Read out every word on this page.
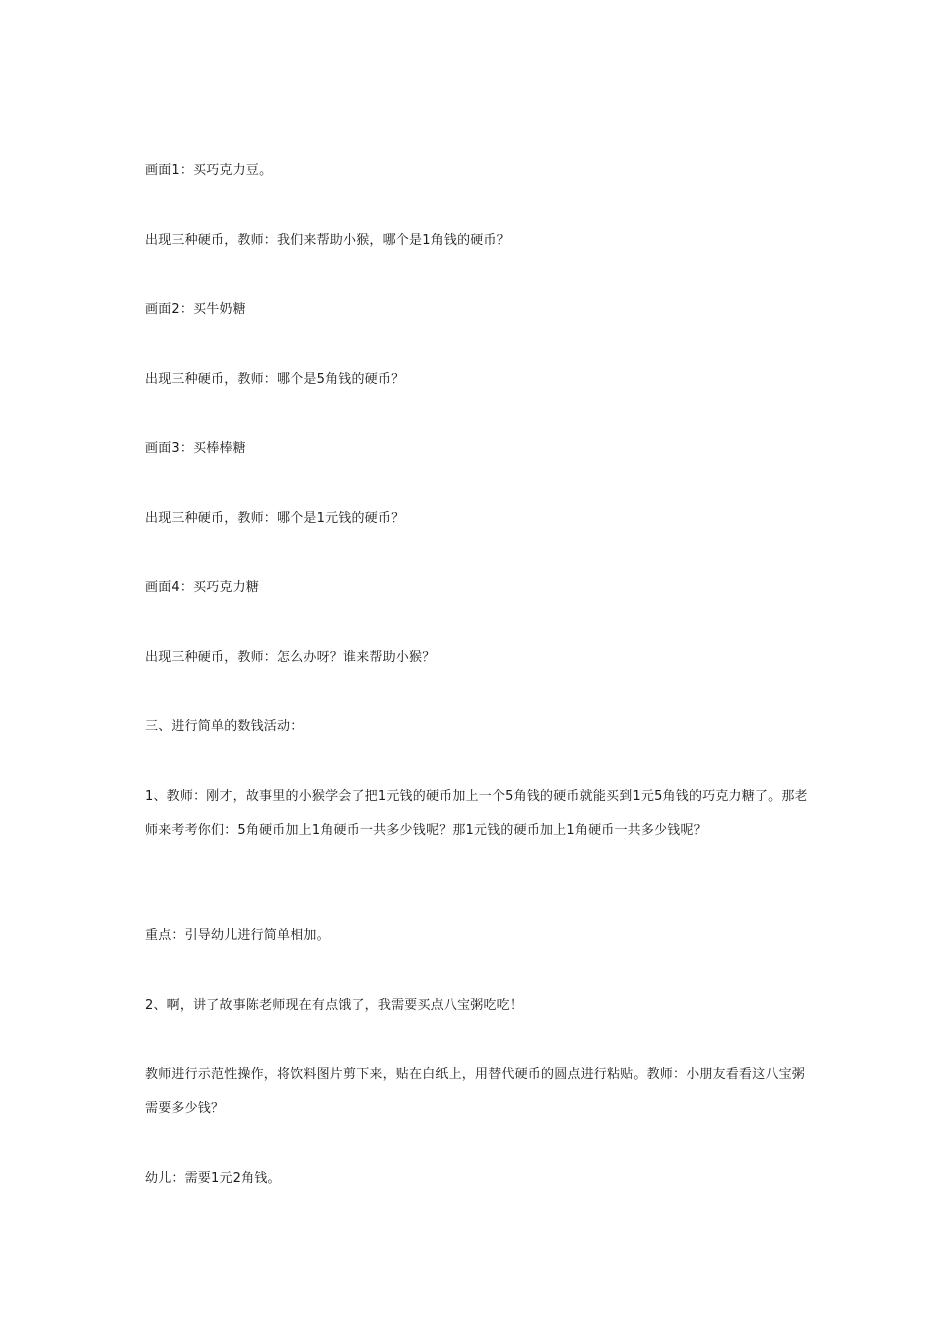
画面1：买巧克力豆。

出现三种硬币，教师：我们来帮助小猴，哪个是1角钱的硬币？

画面2：买牛奶糖

出现三种硬币，教师：哪个是5角钱的硬币？

画面3：买棒棒糖

出现三种硬币，教师：哪个是1元钱的硬币？

画面4：买巧克力糖

出现三种硬币，教师：怎么办呀？谁来帮助小猴？

三、进行简单的数钱活动：

1、教师：刚才，故事里的小猴学会了把1元钱的硬币加上一个5角钱的硬币就能买到1元5角钱的巧克力糖了。那老师来考考你们：5角硬币加上1角硬币一共多少钱呢？那1元钱的硬币加上1角硬币一共多少钱呢？

重点：引导幼儿进行简单相加。

2、啊，讲了故事陈老师现在有点饿了，我需要买点八宝粥吃吃！

教师进行示范性操作，将饮料图片剪下来，贴在白纸上，用替代硬币的圆点进行粘贴。教师：小朋友看看这八宝粥需要多少钱？

幼儿：需要1元2角钱。
